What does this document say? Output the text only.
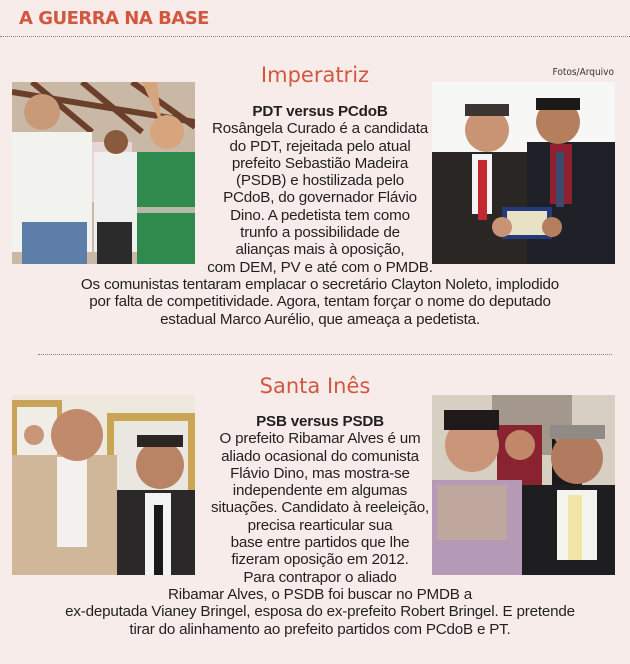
A GUERRA NA BASE
Imperatriz	Fotos/Arquivo
PDT versus PCdoB
Rosângela Curado é a candidata
do PDT, rejeitada pelo atual
prefeito Sebastião Madeira
(PSDB) e hostilizada pelo
PCdoB, do governador Flávio
Dino. A pedetista tem como
trunfo a possibilidade de
alianças mais à oposição,
com DEM, PV e até com o PMDB.
Os comunistas tentaram emplacar o secretário Clayton Noleto, implodido
por falta de competitividade. Agora, tentam forçar o nome do deputado
estadual Marco Aurélio, que ameaça a pedetista.
Santa Inês
PSB versus PSDB
O prefeito Ribamar Alves é um
aliado ocasional do comunista
Flávio Dino, mas mostra-se
independente em algumas
situações. Candidato à reeleição,
precisa rearticular sua
base entre partidos que lhe
fizeram oposição em 2012.
Para contrapor o aliado
Ribamar Alves, o PSDB foi buscar no PMDB a
ex-deputada Vianey Bringel, esposa do ex-prefeito Robert Bringel. E pretende
tirar do alinhamento ao prefeito partidos com PCdoB e PT.
